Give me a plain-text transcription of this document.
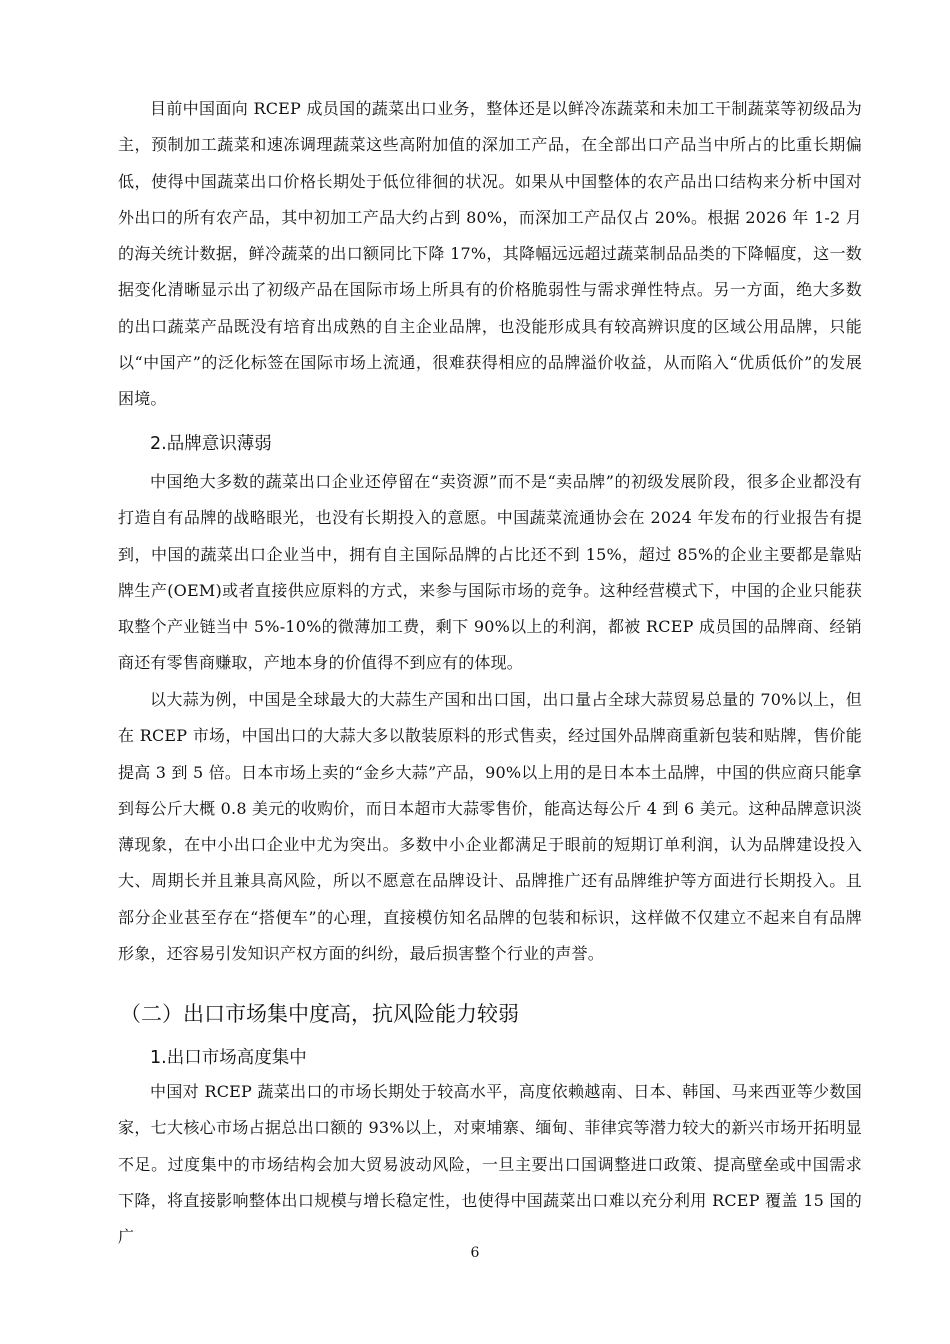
目前中国面向 RCEP 成员国的蔬菜出口业务，整体还是以鲜冷冻蔬菜和未加工干制蔬菜等初级品为主，预制加工蔬菜和速冻调理蔬菜这些高附加值的深加工产品，在全部出口产品当中所占的比重长期偏低，使得中国蔬菜出口价格长期处于低位徘徊的状况。如果从中国整体的农产品出口结构来分析中国对外出口的所有农产品，其中初加工产品大约占到 80%，而深加工产品仅占 20%。根据 2026 年 1-2 月的海关统计数据，鲜冷蔬菜的出口额同比下降 17%，其降幅远远超过蔬菜制品品类的下降幅度，这一数据变化清晰显示出了初级产品在国际市场上所具有的价格脆弱性与需求弹性特点。另一方面，绝大多数的出口蔬菜产品既没有培育出成熟的自主企业品牌，也没能形成具有较高辨识度的区域公用品牌，只能以“中国产”的泛化标签在国际市场上流通，很难获得相应的品牌溢价收益，从而陷入“优质低价”的发展困境。

2.品牌意识薄弱

中国绝大多数的蔬菜出口企业还停留在“卖资源”而不是“卖品牌”的初级发展阶段，很多企业都没有打造自有品牌的战略眼光，也没有长期投入的意愿。中国蔬菜流通协会在 2024 年发布的行业报告有提到，中国的蔬菜出口企业当中，拥有自主国际品牌的占比还不到 15%，超过 85%的企业主要都是靠贴牌生产(OEM)或者直接供应原料的方式，来参与国际市场的竞争。这种经营模式下，中国的企业只能获取整个产业链当中 5%-10%的微薄加工费，剩下 90%以上的利润，都被 RCEP 成员国的品牌商、经销商还有零售商赚取，产地本身的价值得不到应有的体现。

以大蒜为例，中国是全球最大的大蒜生产国和出口国，出口量占全球大蒜贸易总量的 70%以上，但在 RCEP 市场，中国出口的大蒜大多以散装原料的形式售卖，经过国外品牌商重新包装和贴牌，售价能提高 3 到 5 倍。日本市场上卖的“金乡大蒜”产品，90%以上用的是日本本土品牌，中国的供应商只能拿到每公斤大概 0.8 美元的收购价，而日本超市大蒜零售价，能高达每公斤 4 到 6 美元。这种品牌意识淡薄现象，在中小出口企业中尤为突出。多数中小企业都满足于眼前的短期订单利润，认为品牌建设投入大、周期长并且兼具高风险，所以不愿意在品牌设计、品牌推广还有品牌维护等方面进行长期投入。且部分企业甚至存在“搭便车”的心理，直接模仿知名品牌的包装和标识，这样做不仅建立不起来自有品牌形象，还容易引发知识产权方面的纠纷，最后损害整个行业的声誉。

（二）出口市场集中度高，抗风险能力较弱
1.出口市场高度集中

中国对 RCEP 蔬菜出口的市场长期处于较高水平，高度依赖越南、日本、韩国、马来西亚等少数国家，七大核心市场占据总出口额的 93%以上，对柬埔寨、缅甸、菲律宾等潜力较大的新兴市场开拓明显不足。过度集中的市场结构会加大贸易波动风险，一旦主要出口国调整进口政策、提高壁垒或中国需求下降，将直接影响整体出口规模与增长稳定性，也使得中国蔬菜出口难以充分利用 RCEP 覆盖 15 国的广

6
